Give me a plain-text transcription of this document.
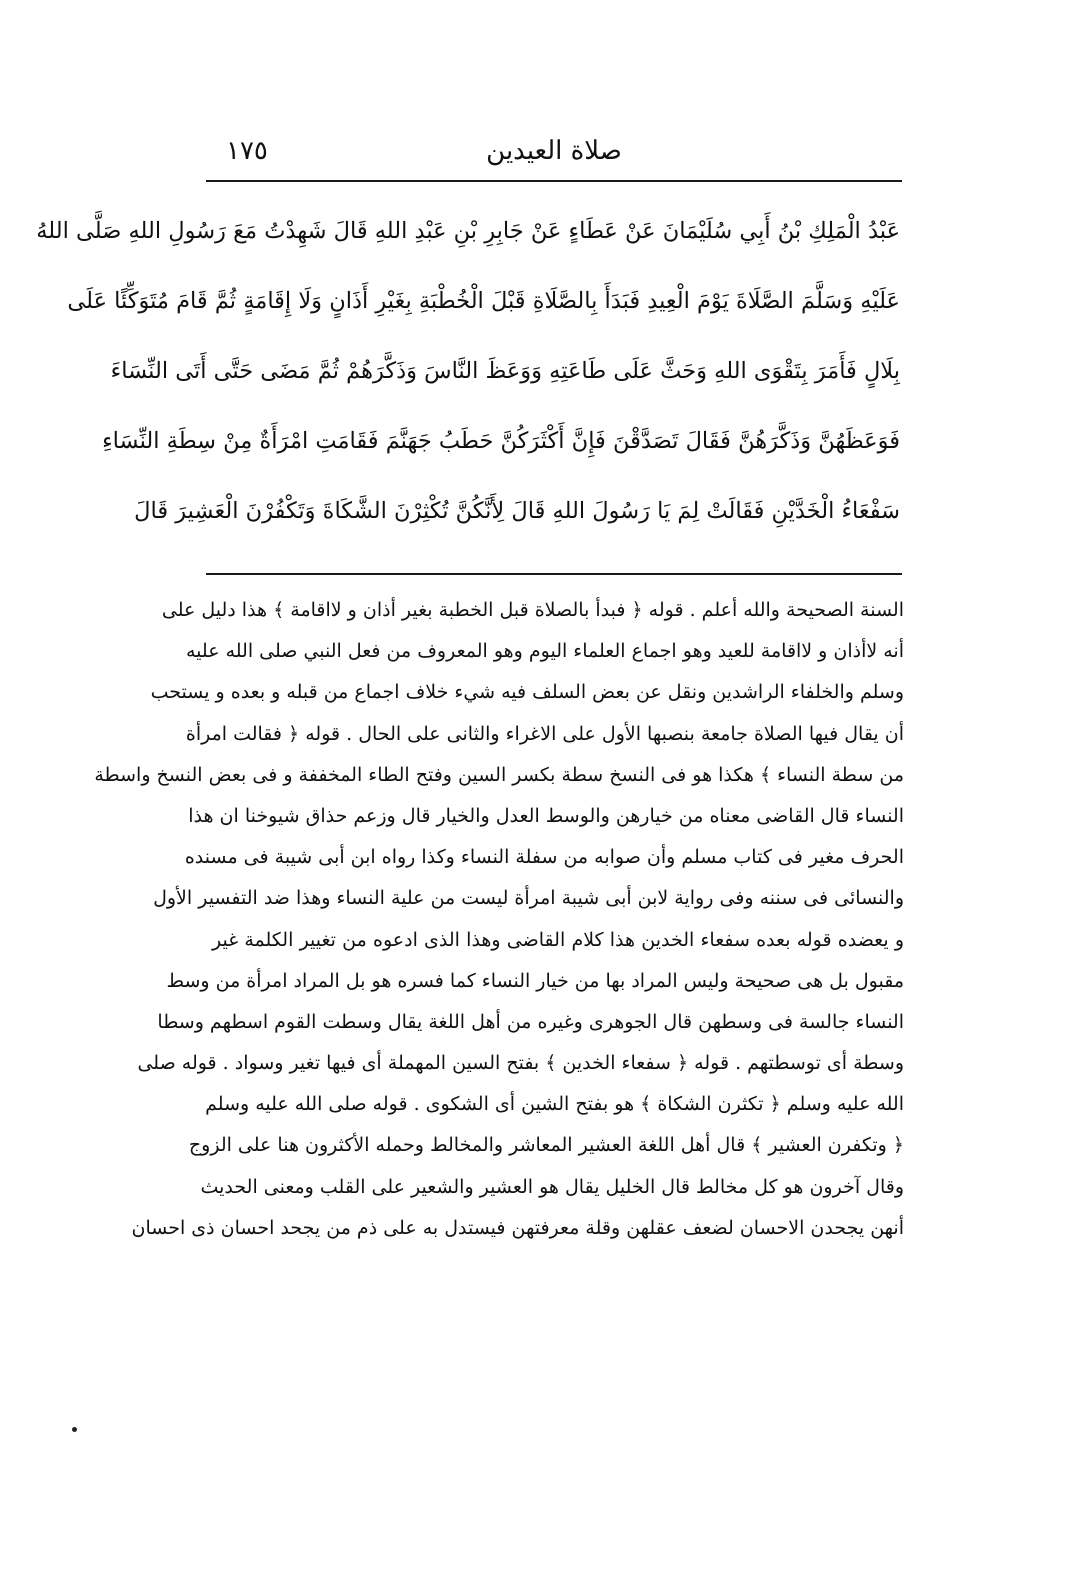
صلاة العيدين
١٧٥
عَبْدُ الْمَلِكِ بْنُ أَبِي سُلَيْمَانَ عَنْ عَطَاءٍ عَنْ جَابِرِ بْنِ عَبْدِ اللهِ قَالَ شَهِدْتُ مَعَ رَسُولِ اللهِ صَلَّى اللهُ
عَلَيْهِ وَسَلَّمَ الصَّلَاةَ يَوْمَ الْعِيدِ فَبَدَأَ بِالصَّلَاةِ قَبْلَ الْخُطْبَةِ بِغَيْرِ أَذَانٍ وَلَا إِقَامَةٍ ثُمَّ قَامَ مُتَوَكِّئًا عَلَى
بِلَالٍ فَأَمَرَ بِتَقْوَى اللهِ وَحَثَّ عَلَى طَاعَتِهِ وَوَعَظَ النَّاسَ وَذَكَّرَهُمْ ثُمَّ مَضَى حَتَّى أَتَى النِّسَاءَ
فَوَعَظَهُنَّ وَذَكَّرَهُنَّ فَقَالَ تَصَدَّقْنَ فَإِنَّ أَكْثَرَكُنَّ حَطَبُ جَهَنَّمَ فَقَامَتِ امْرَأَةٌ مِنْ سِطَةِ النِّسَاءِ
سَفْعَاءُ الْخَدَّيْنِ فَقَالَتْ لِمَ يَا رَسُولَ اللهِ قَالَ لِأَنَّكُنَّ تُكْثِرْنَ الشَّكَاةَ وَتَكْفُرْنَ الْعَشِيرَ قَالَ
السنة الصحيحة والله أعلم . قوله ﴿ فبدأ بالصلاة قبل الخطبة بغير أذان و لااقامة ﴾ هذا دليل على
أنه لاأذان و لااقامة للعيد وهو اجماع العلماء اليوم وهو المعروف من فعل النبي صلى الله عليه
وسلم والخلفاء الراشدين ونقل عن بعض السلف فيه شيء خلاف اجماع من قبله و بعده و يستحب
أن يقال فيها الصلاة جامعة بنصبها الأول على الاغراء والثانى على الحال . قوله ﴿ فقالت امرأة
من سطة النساء ﴾ هكذا هو فى النسخ سطة بكسر السين وفتح الطاء المخففة و فى بعض النسخ واسطة
النساء قال القاضى معناه من خيارهن والوسط العدل والخيار قال وزعم حذاق شيوخنا ان هذا
الحرف مغير فى كتاب مسلم وأن صوابه من سفلة النساء وكذا رواه ابن أبى شيبة فى مسنده
والنسائى فى سننه وفى رواية لابن أبى شيبة امرأة ليست من علية النساء وهذا ضد التفسير الأول
و يعضده قوله بعده سفعاء الخدين هذا كلام القاضى وهذا الذى ادعوه من تغيير الكلمة غير
مقبول بل هى صحيحة وليس المراد بها من خيار النساء كما فسره هو بل المراد امرأة من وسط
النساء جالسة فى وسطهن قال الجوهرى وغيره من أهل اللغة يقال وسطت القوم اسطهم وسطا
وسطة أى توسطتهم . قوله ﴿ سفعاء الخدين ﴾ بفتح السين المهملة أى فيها تغير وسواد . قوله صلى
الله عليه وسلم ﴿ تكثرن الشكاة ﴾ هو بفتح الشين أى الشكوى . قوله صلى الله عليه وسلم
﴿ وتكفرن العشير ﴾ قال أهل اللغة العشير المعاشر والمخالط وحمله الأكثرون هنا على الزوج
وقال آخرون هو كل مخالط قال الخليل يقال هو العشير والشعير على القلب ومعنى الحديث
أنهن يجحدن الاحسان لضعف عقلهن وقلة معرفتهن فيستدل به على ذم من يجحد احسان ذى احسان
